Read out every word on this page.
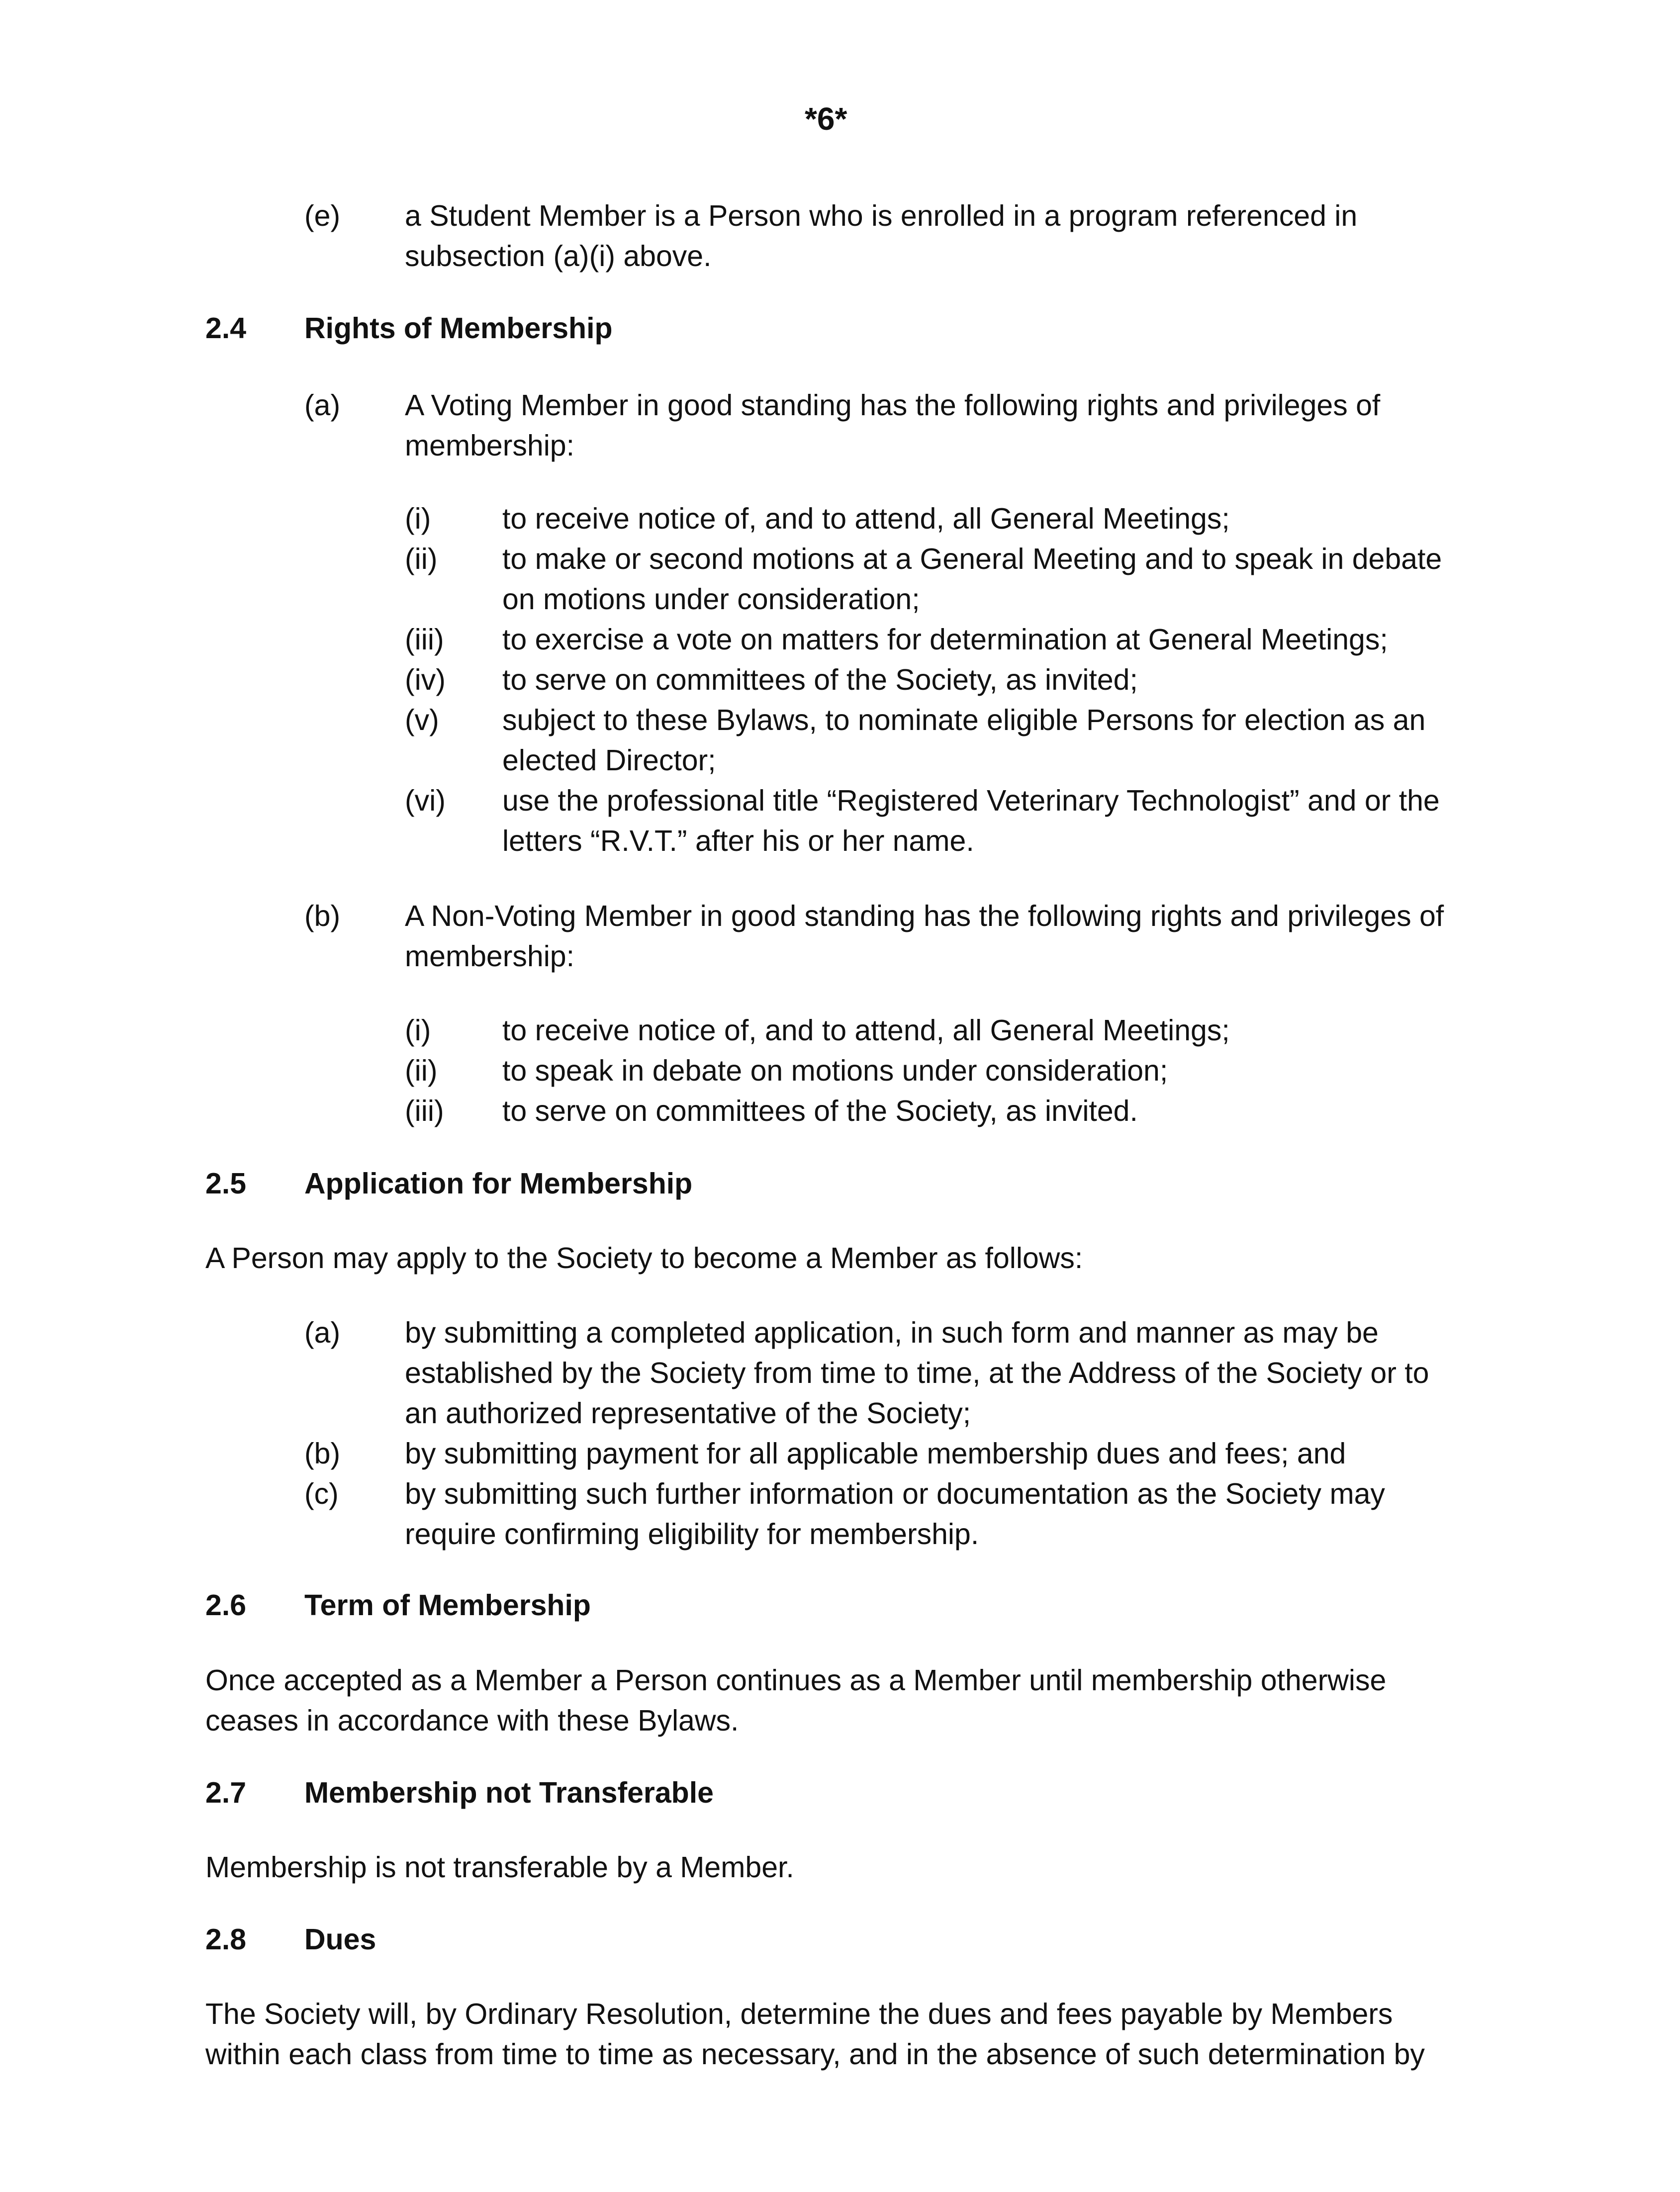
*6*
(e) a Student Member is a Person who is enrolled in a program referenced in
subsection (a)(i) above.
2.4 Rights of Membership
(a) A Voting Member in good standing has the following rights and privileges of
membership:
(i) to receive notice of, and to attend, all General Meetings;
(ii) to make or second motions at a General Meeting and to speak in debate
on motions under consideration;
(iii) to exercise a vote on matters for determination at General Meetings;
(iv) to serve on committees of the Society, as invited;
(v) subject to these Bylaws, to nominate eligible Persons for election as an
elected Director;
(vi) use the professional title “Registered Veterinary Technologist” and or the
letters “R.V.T.” after his or her name.
(b) A Non-Voting Member in good standing has the following rights and privileges of
membership:
(i) to receive notice of, and to attend, all General Meetings;
(ii) to speak in debate on motions under consideration;
(iii) to serve on committees of the Society, as invited.
2.5 Application for Membership
A Person may apply to the Society to become a Member as follows:
(a) by submitting a completed application, in such form and manner as may be
established by the Society from time to time, at the Address of the Society or to
an authorized representative of the Society;
(b) by submitting payment for all applicable membership dues and fees; and
(c) by submitting such further information or documentation as the Society may
require confirming eligibility for membership.
2.6 Term of Membership
Once accepted as a Member a Person continues as a Member until membership otherwise
ceases in accordance with these Bylaws.
2.7 Membership not Transferable
Membership is not transferable by a Member.
2.8 Dues
The Society will, by Ordinary Resolution, determine the dues and fees payable by Members
within each class from time to time as necessary, and in the absence of such determination by
